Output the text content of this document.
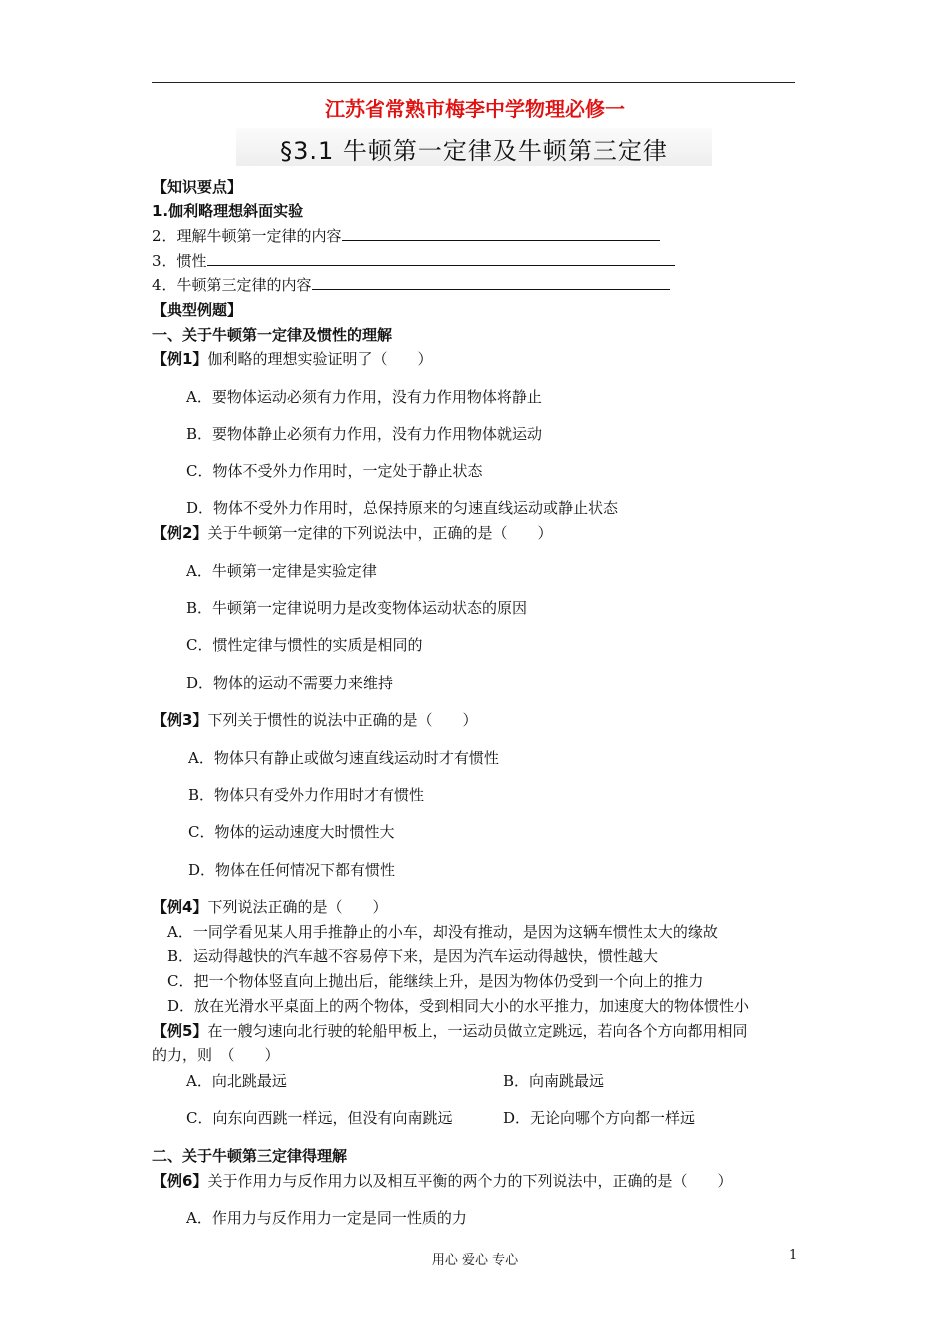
江苏省常熟市梅李中学物理必修一
§3.1 牛顿第一定律及牛顿第三定律
【知识要点】
1.伽利略理想斜面实验
2．理解牛顿第一定律的内容
3．惯性
4．牛顿第三定律的内容
【典型例题】
一、关于牛顿第一定律及惯性的理解
【例1】伽利略的理想实验证明了（　　）
A．要物体运动必须有力作用，没有力作用物体将静止
B．要物体静止必须有力作用，没有力作用物体就运动
C．物体不受外力作用时，一定处于静止状态
D．物体不受外力作用时，总保持原来的匀速直线运动或静止状态
【例2】关于牛顿第一定律的下列说法中，正确的是（　　）
A．牛顿第一定律是实验定律
B．牛顿第一定律说明力是改变物体运动状态的原因
C．惯性定律与惯性的实质是相同的
D．物体的运动不需要力来维持
【例3】下列关于惯性的说法中正确的是（　　）
A．物体只有静止或做匀速直线运动时才有惯性
B．物体只有受外力作用时才有惯性
C．物体的运动速度大时惯性大
D．物体在任何情况下都有惯性
【例4】下列说法正确的是（　　）
A．一同学看见某人用手推静止的小车，却没有推动，是因为这辆车惯性太大的缘故
B．运动得越快的汽车越不容易停下来，是因为汽车运动得越快，惯性越大
C．把一个物体竖直向上抛出后，能继续上升，是因为物体仍受到一个向上的推力
D．放在光滑水平桌面上的两个物体，受到相同大小的水平推力，加速度大的物体惯性小
【例5】在一艘匀速向北行驶的轮船甲板上，一运动员做立定跳远，若向各个方向都用相同
的力，则　（　　）
A．向北跳最远	B．向南跳最远
C．向东向西跳一样远，但没有向南跳远	D．无论向哪个方向都一样远
二、关于牛顿第三定律得理解
【例6】关于作用力与反作用力以及相互平衡的两个力的下列说法中，正确的是（　　）
A．作用力与反作用力一定是同一性质的力
用心 爱心 专心	1
